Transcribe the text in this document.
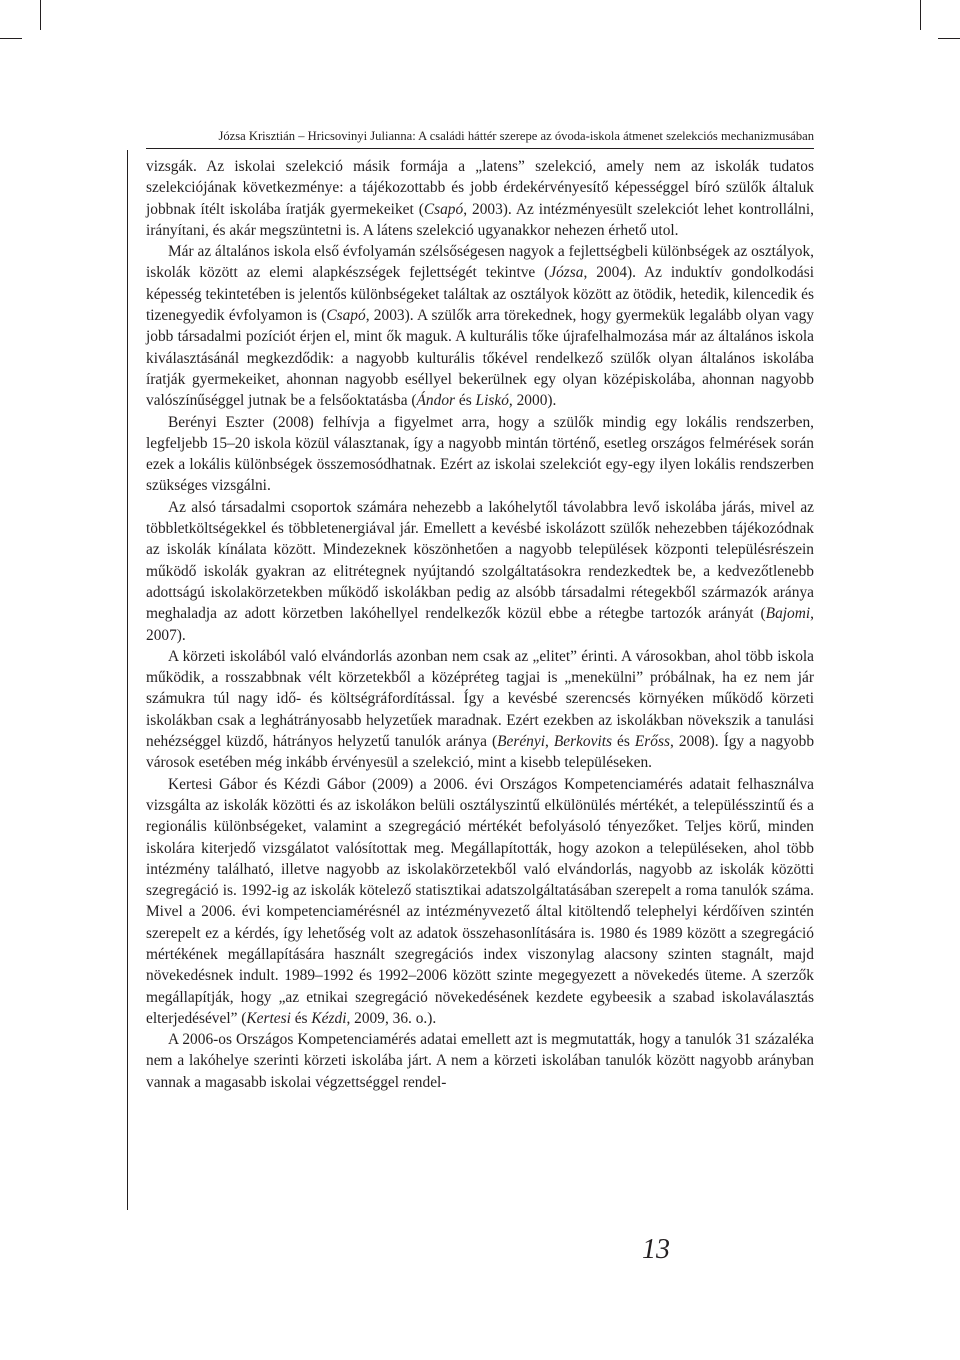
Józsa Krisztián – Hricsovinyi Julianna: A családi háttér szerepe az óvoda-iskola átmenet szelekciós mechanizmusában

vizsgák. Az iskolai szelekció másik formája a „latens” szelekció, amely nem az iskolák tudatos szelekciójának következménye: a tájékozottabb és jobb érdekérvényesítő képességgel bíró szülők általuk jobbnak ítélt iskolába íratják gyermekeiket (Csapó, 2003). Az intézményesült szelekciót lehet kontrollálni, irányítani, és akár megszüntetni is. A látens szelekció ugyanakkor nehezen érhető utol.

Már az általános iskola első évfolyamán szélsőségesen nagyok a fejlettségbeli különbségek az osztályok, iskolák között az elemi alapkészségek fejlettségét tekintve (Józsa, 2004). Az induktív gondolkodási képesség tekintetében is jelentős különbségeket találtak az osztályok között az ötödik, hetedik, kilencedik és tizenegyedik évfolyamon is (Csapó, 2003). A szülők arra törekednek, hogy gyermekük legalább olyan vagy jobb társadalmi pozíciót érjen el, mint ők maguk. A kulturális tőke újrafelhalmozása már az általános iskola kiválasztásánál megkezdődik: a nagyobb kulturális tőkével rendelkező szülők olyan általános iskolába íratják gyermekeiket, ahonnan nagyobb eséllyel bekerülnek egy olyan középiskolába, ahonnan nagyobb valószínűséggel jutnak be a felsőoktatásba (Ándor és Liskó, 2000).

Berényi Eszter (2008) felhívja a figyelmet arra, hogy a szülők mindig egy lokális rendszerben, legfeljebb 15–20 iskola közül választanak, így a nagyobb mintán történő, esetleg országos felmérések során ezek a lokális különbségek összemosódhatnak. Ezért az iskolai szelekciót egy-egy ilyen lokális rendszerben szükséges vizsgálni.

Az alsó társadalmi csoportok számára nehezebb a lakóhelytől távolabbra levő iskolába járás, mivel az többletköltségekkel és többletenergiával jár. Emellett a kevésbé iskolázott szülők nehezebben tájékozódnak az iskolák kínálata között. Mindezeknek köszönhetően a nagyobb települések központi településrészein működő iskolák gyakran az elitrétegnek nyújtandó szolgáltatásokra rendezkedtek be, a kedvezőtlenebb adottságú iskolakörzetekben működő iskolákban pedig az alsóbb társadalmi rétegekből származók aránya meghaladja az adott körzetben lakóhellyel rendelkezők közül ebbe a rétegbe tartozók arányát (Bajomi, 2007).

A körzeti iskolából való elvándorlás azonban nem csak az „elitet” érinti. A városokban, ahol több iskola működik, a rosszabbnak vélt körzetekből a középréteg tagjai is „menekülni” próbálnak, ha ez nem jár számukra túl nagy idő- és költségráfordítással. Így a kevésbé szerencsés környéken működő körzeti iskolákban csak a leghátrányosabb helyzetűek maradnak. Ezért ezekben az iskolákban növekszik a tanulási nehézséggel küzdő, hátrányos helyzetű tanulók aránya (Berényi, Berkovits és Erőss, 2008). Így a nagyobb városok esetében még inkább érvényesül a szelekció, mint a kisebb településeken.

Kertesi Gábor és Kézdi Gábor (2009) a 2006. évi Országos Kompetenciamérés adatait felhasználva vizsgálta az iskolák közötti és az iskolákon belüli osztályszintű elkülönülés mértékét, a településszintű és a regionális különbségeket, valamint a szegregáció mértékét befolyásoló tényezőket. Teljes körű, minden iskolára kiterjedő vizsgálatot valósítottak meg. Megállapították, hogy azokon a településeken, ahol több intézmény található, illetve nagyobb az iskolakörzetekből való elvándorlás, nagyobb az iskolák közötti szegregáció is. 1992-ig az iskolák kötelező statisztikai adatszolgáltatásában szerepelt a roma tanulók száma. Mivel a 2006. évi kompetenciamérésnél az intézményvezető által kitöltendő telephelyi kérdőíven szintén szerepelt ez a kérdés, így lehetőség volt az adatok összehasonlítására is. 1980 és 1989 között a szegregáció mértékének megállapítására használt szegregációs index viszonylag alacsony szinten stagnált, majd növekedésnek indult. 1989–1992 és 1992–2006 között szinte megegyezett a növekedés üteme. A szerzők megállapítják, hogy „az etnikai szegregáció növekedésének kezdete egybeesik a szabad iskolaválasztás elterjedésével” (Kertesi és Kézdi, 2009, 36. o.).

A 2006-os Országos Kompetenciamérés adatai emellett azt is megmutatták, hogy a tanulók 31 százaléka nem a lakóhelye szerinti körzeti iskolába járt. A nem a körzeti iskolában tanulók között nagyobb arányban vannak a magasabb iskolai végzettséggel rendel-

13
